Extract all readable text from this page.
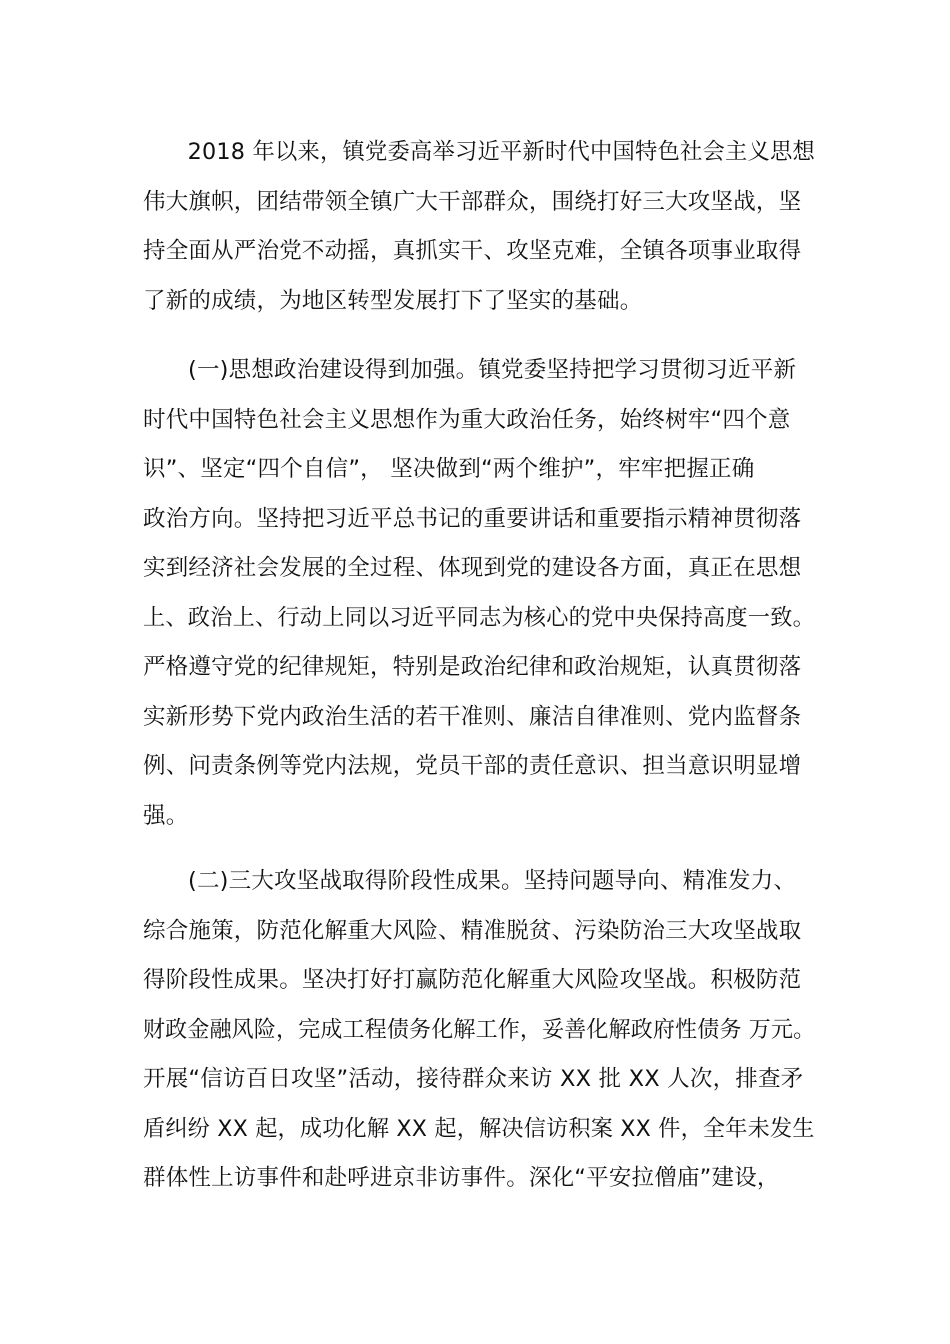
2018 年以来，镇党委高举习近平新时代中国特色社会主义思想
伟大旗帜，团结带领全镇广大干部群众，围绕打好三大攻坚战，坚
持全面从严治党不动摇，真抓实干、攻坚克难，全镇各项事业取得
了新的成绩，为地区转型发展打下了坚实的基础。
(一)思想政治建设得到加强。镇党委坚持把学习贯彻习近平新
时代中国特色社会主义思想作为重大政治任务，始终树牢“四个意
识”、坚定“四个自信”， 坚决做到“两个维护”，牢牢把握正确
政治方向。坚持把习近平总书记的重要讲话和重要指示精神贯彻落
实到经济社会发展的全过程、体现到党的建设各方面，真正在思想
上、政治上、行动上同以习近平同志为核心的党中央保持高度一致。
严格遵守党的纪律规矩，特别是政治纪律和政治规矩，认真贯彻落
实新形势下党内政治生活的若干准则、廉洁自律准则、党内监督条
例、问责条例等党内法规，党员干部的责任意识、担当意识明显增
强。
(二)三大攻坚战取得阶段性成果。坚持问题导向、精准发力、
综合施策，防范化解重大风险、精准脱贫、污染防治三大攻坚战取
得阶段性成果。坚决打好打赢防范化解重大风险攻坚战。积极防范
财政金融风险，完成工程债务化解工作，妥善化解政府性债务 万元。
开展“信访百日攻坚”活动，接待群众来访 XX 批 XX 人次，排查矛
盾纠纷 XX 起，成功化解 XX 起，解决信访积案 XX 件，全年未发生
群体性上访事件和赴呼进京非访事件。深化“平安拉僧庙”建设，
